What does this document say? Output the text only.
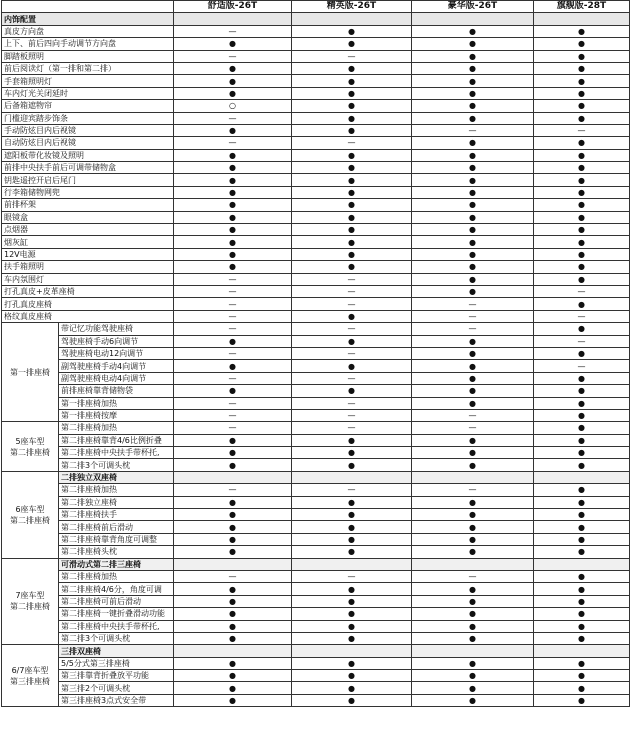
		舒适版-26T	精英版-26T	豪华版-26T	旗舰版-28T
内饰配置					
真皮方向盘		—	●	●	●
上下、前后四向手动调节方向盘		●	●	●	●
脚踏板照明		—	—	●	●
前后阅读灯（第一排和第二排）		●	●	●	●
手套箱照明灯		●	●	●	●
车内灯光关闭延时		●	●	●	●
后备箱遮物帘		○	●	●	●
门槛迎宾踏步饰条		—	●	●	●
手动防炫目内后视镜		●	●	—	—
自动防炫目内后视镜		—	—	●	●
遮阳板带化妆镜及照明		●	●	●	●
前排中央扶手前后可调带储物盒		●	●	●	●
钥匙遥控开启后尾门		●	●	●	●
行李箱储物网兜		●	●	●	●
前排杯架		●	●	●	●
眼镜盒		●	●	●	●
点烟器		●	●	●	●
烟灰缸		●	●	●	●
12V电源		●	●	●	●
扶手箱照明		●	●	●	●
车内氛围灯		—	—	●	●
打孔真皮+皮革座椅		—	—	●	—
打孔真皮座椅		—	—	—	●
格纹真皮座椅		—	●	—	—
第一排座椅	带记忆功能驾驶座椅	—	—	—	●
	驾驶座椅手动6向调节	●	●	●	—
	驾驶座椅电动12向调节	—	—	●	●
	副驾驶座椅手动4向调节	●	●	●	—
	副驾驶座椅电动4向调节	—	—	●	●
	前排座椅靠背储物袋	●	●	●	●
	第一排座椅加热	—	—	●	●
	第一排座椅按摩	—	—	—	●
5座车型
第二排座椅	第二排座椅加热	—	—	—	●
	第二排座椅靠背4/6比例折叠	●	●	●	●
	第二排座椅中央扶手带杯托,	●	●	●	●
	第二排3个可调头枕	●	●	●	●
6座车型
第二排座椅	二排独立双座椅				
	第二排座椅加热	—	—	—	●
	第二排独立座椅	●	●	●	●
	第二排座椅扶手	●	●	●	●
	第二排座椅前后滑动	●	●	●	●
	第二排座椅靠背角度可调整	●	●	●	●
	第二排座椅头枕	●	●	●	●
7座车型
第二排座椅	可滑动式第二排三座椅				
	第二排座椅加热	—	—	—	●
	第二排座椅4/6分，角度可调	●	●	●	●
	第二排座椅可前后滑动	●	●	●	●
	第二排座椅一键折叠滑动功能	●	●	●	●
	第二排座椅中央扶手带杯托,	●	●	●	●
	第二排3个可调头枕	●	●	●	●
6/7座车型
第三排座椅	三排双座椅				
	5/5分式第三排座椅	●	●	●	●
	第三排靠背折叠放平功能	●	●	●	●
	第三排2个可调头枕	●	●	●	●
	第三排座椅3点式安全带	●	●	●	●
